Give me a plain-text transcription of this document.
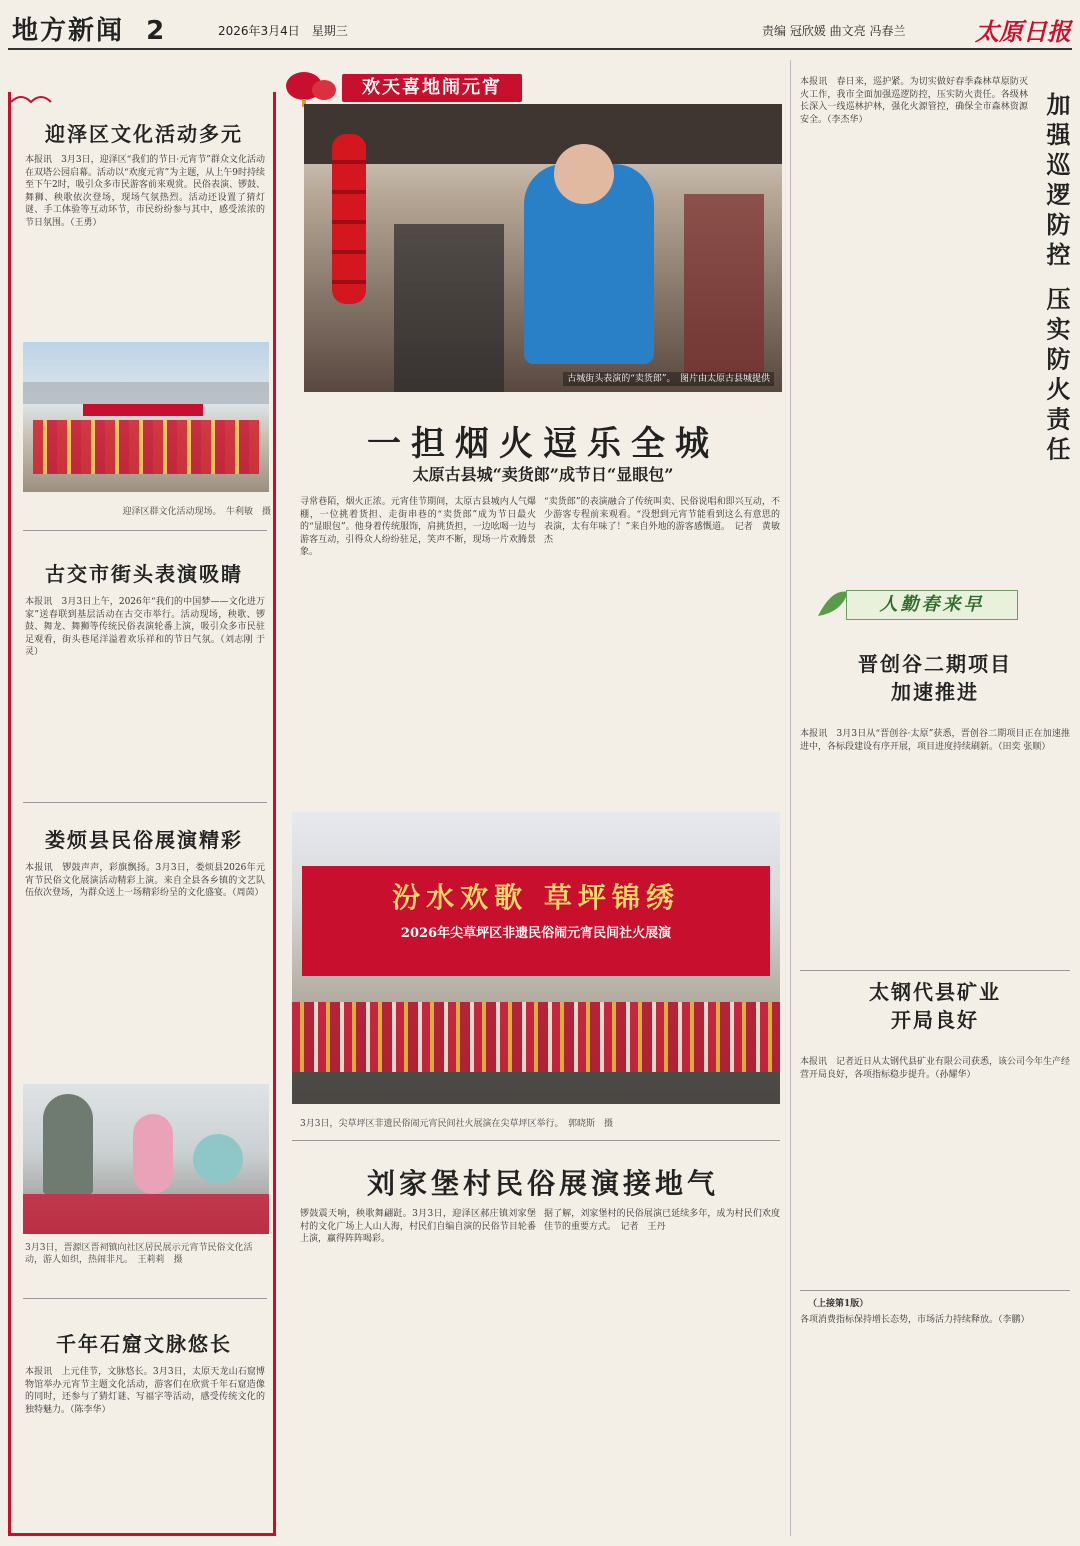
地方新闻 2	2026年3月4日　星期三	责编 冠欣媛 曲文亮 冯春兰	太原日报
欢天喜地闹元宵
迎泽区文化活动多元
本报讯　3月3日，迎泽区“我们的节日·元宵节”群众文化活动在双塔公园启幕。活动以“欢度元宵”为主题，从上午9时持续至下午2时，吸引众多市民游客前来观赏。民俗表演、锣鼓、舞狮、秧歌依次登场，现场气氛热烈。活动还设置了猜灯谜、手工体验等互动环节，市民纷纷参与其中，感受浓浓的节日氛围。（王勇）
迎泽区群文化活动现场。　牛利敏　摄
古交市街头表演吸睛
本报讯　3月3日上午，2026年“我们的中国梦——文化进万家”送春联到基层活动在古交市举行。活动现场，秧歌、锣鼓、舞龙、舞狮等传统民俗表演轮番上演，吸引众多市民驻足观看，街头巷尾洋溢着欢乐祥和的节日气氛。（刘志刚 于灵）
娄烦县民俗展演精彩
本报讯　锣鼓声声，彩旗飘扬。3月3日，娄烦县2026年元宵节民俗文化展演活动精彩上演。来自全县各乡镇的文艺队伍依次登场，为群众送上一场精彩纷呈的文化盛宴。（周茵）
3月3日，晋源区晋祠镇向社区居民展示元宵节民俗文化活动，游人如织，热闹非凡。　王莉莉　摄
千年石窟文脉悠长
本报讯　上元佳节，文脉悠长。3月3日，太原天龙山石窟博物馆举办元宵节主题文化活动，游客们在欣赏千年石窟造像的同时，还参与了猜灯谜、写福字等活动，感受传统文化的独特魅力。（陈李华）
古城街头表演的“卖货郎”。　图片由太原古县城提供
一担烟火逗乐全城
太原古县城“卖货郎”成节日“显眼包”
寻常巷陌，烟火正浓。元宵佳节期间，太原古县城内人气爆棚，一位挑着货担、走街串巷的“卖货郎”成为节日最火的“显眼包”。他身着传统服饰，肩挑货担，一边吆喝一边与游客互动，引得众人纷纷驻足，笑声不断，现场一片欢腾景象。
“卖货郎”的表演融合了传统叫卖、民俗说唱和即兴互动，不少游客专程前来观看。“没想到元宵节能看到这么有意思的表演，太有年味了！”来自外地的游客感慨道。　记者　黄敏杰
汾水欢歌 草坪锦绣
2026年尖草坪区非遗民俗闹元宵民间社火展演
3月3日，尖草坪区非遗民俗闹元宵民间社火展演在尖草坪区举行。　郭晓斯　摄
刘家堡村民俗展演接地气
锣鼓震天响，秧歌舞翩跹。3月3日，迎泽区郝庄镇刘家堡村的文化广场上人山人海，村民们自编自演的民俗节目轮番上演，赢得阵阵喝彩。
据了解，刘家堡村的民俗展演已延续多年，成为村民们欢度佳节的重要方式。　记者　王丹
本报讯　春日来，巡护紧。为切实做好春季森林草原防灭火工作，我市全面加强巡逻防控，压实防火责任。各级林长深入一线巡林护林，强化火源管控，确保全市森林资源安全。（李杰华）	加强巡逻防控 压实防火责任
人勤春来早
晋创谷二期项目
加速推进
本报讯　3月3日从“晋创谷·太原”获悉，晋创谷二期项目正在加速推进中，各标段建设有序开展，项目进度持续刷新。（田奕 张顺）
太钢代县矿业
开局良好
本报讯　记者近日从太钢代县矿业有限公司获悉，该公司今年生产经营开局良好，各项指标稳步提升。（孙耀华）
（上接第1版）
各项消费指标保持增长态势，市场活力持续释放。（李鹏）
